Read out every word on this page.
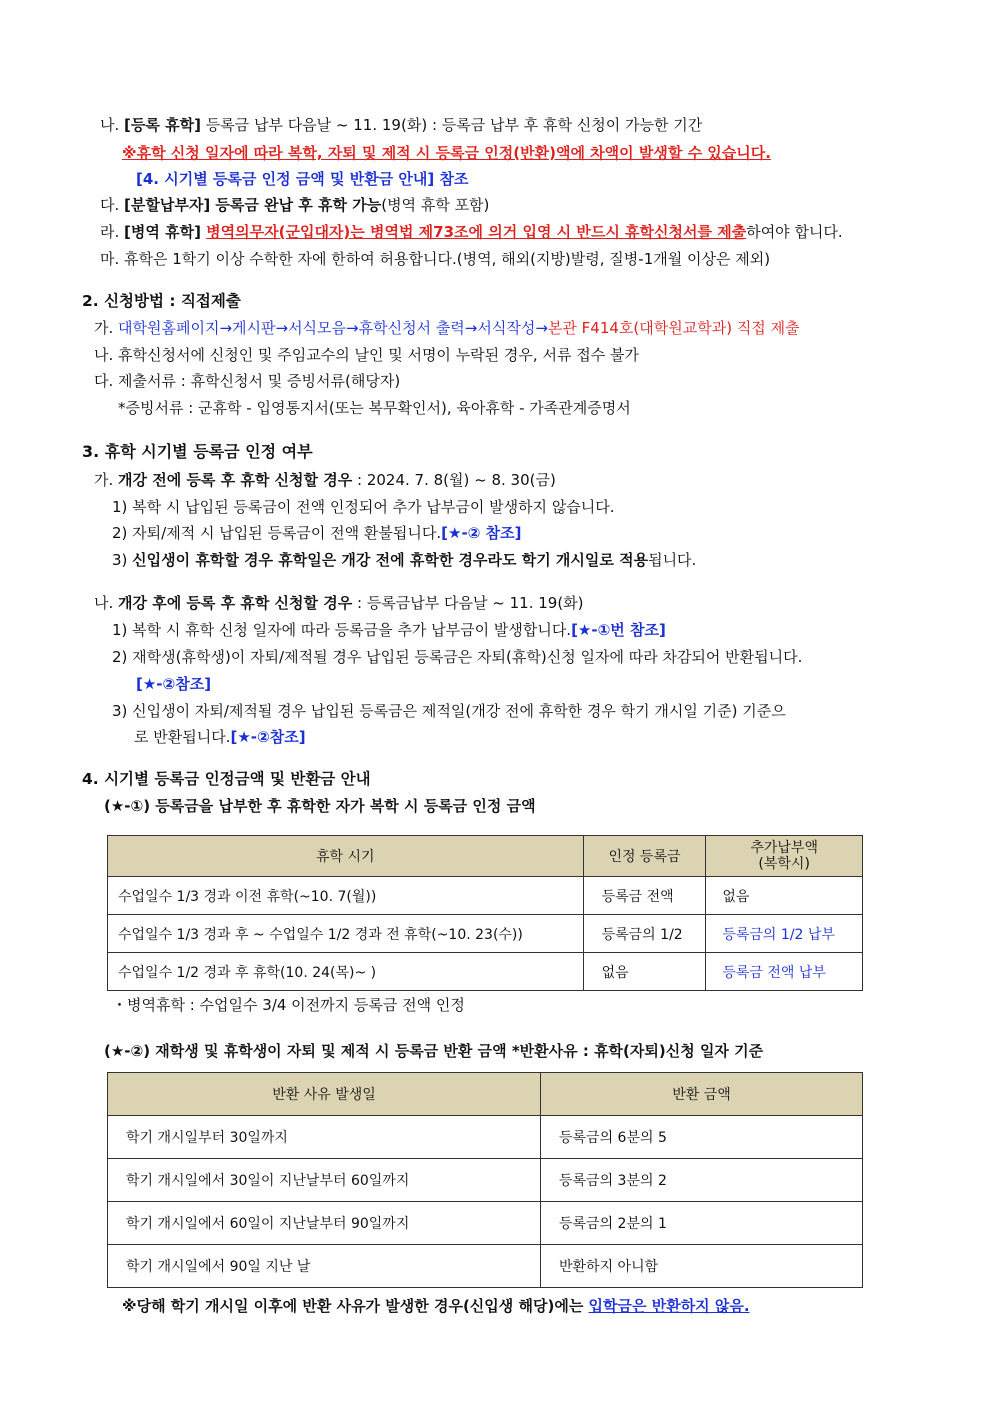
나. [등록 휴학] 등록금 납부 다음날 ~ 11. 19(화) : 등록금 납부 후 휴학 신청이 가능한 기간
※휴학 신청 일자에 따라 복학, 자퇴 및 제적 시 등록금 인정(반환)액에 차액이 발생할 수 있습니다.
[4. 시기별 등록금 인정 금액 및 반환금 안내] 참조
다. [분할납부자] 등록금 완납 후 휴학 가능(병역 휴학 포함)
라. [병역 휴학] 병역의무자(군입대자)는 병역법 제73조에 의거 입영 시 반드시 휴학신청서를 제출하여야 합니다.
마. 휴학은 1학기 이상 수학한 자에 한하여 허용합니다.(병역, 해외(지방)발령, 질병-1개월 이상은 제외)
2. 신청방법 : 직접제출
가. 대학원홈페이지→게시판→서식모음→휴학신청서 출력→서식작성→본관 F414호(대학원교학과) 직접 제출
나. 휴학신청서에 신청인 및 주임교수의 날인 및 서명이 누락된 경우, 서류 접수 불가
다. 제출서류 : 휴학신청서 및 증빙서류(해당자)
*증빙서류 : 군휴학 - 입영통지서(또는 복무확인서), 육아휴학 - 가족관계증명서
3. 휴학 시기별 등록금 인정 여부
가. 개강 전에 등록 후 휴학 신청할 경우 : 2024. 7. 8(월) ~ 8. 30(금)
1) 복학 시 납입된 등록금이 전액 인정되어 추가 납부금이 발생하지 않습니다.
2) 자퇴/제적 시 납입된 등록금이 전액 환불됩니다.[★-② 참조]
3) 신입생이 휴학할 경우 휴학일은 개강 전에 휴학한 경우라도 학기 개시일로 적용됩니다.
나. 개강 후에 등록 후 휴학 신청할 경우 : 등록금납부 다음날 ~ 11. 19(화)
1) 복학 시 휴학 신청 일자에 따라 등록금을 추가 납부금이 발생합니다.[★-①번 참조]
2) 재학생(휴학생)이 자퇴/제적될 경우 납입된 등록금은 자퇴(휴학)신청 일자에 따라 차감되어 반환됩니다.
[★-②참조]
3) 신입생이 자퇴/제적될 경우 납입된 등록금은 제적일(개강 전에 휴학한 경우 학기 개시일 기준) 기준으
로 반환됩니다.[★-②참조]
4. 시기별 등록금 인정금액 및 반환금 안내
(★-①) 등록금을 납부한 후 휴학한 자가 복학 시 등록금 인정 금액
휴학 시기	인정 등록금	추가납부액
(복학시)

수업일수 1/3 경과 이전 휴학(~10. 7(월))	등록금 전액	없음
수업일수 1/3 경과 후 ~ 수업일수 1/2 경과 전 휴학(~10. 23(수))	등록금의 1/2	등록금의 1/2 납부
수업일수 1/2 경과 후 휴학(10. 24(목)~ )	없음	등록금 전액 납부
・병역휴학 : 수업일수 3/4 이전까지 등록금 전액 인정
(★-②) 재학생 및 휴학생이 자퇴 및 제적 시 등록금 반환 금액 *반환사유 : 휴학(자퇴)신청 일자 기준
반환 사유 발생일	반환 금액
학기 개시일부터 30일까지	등록금의 6분의 5
학기 개시일에서 30일이 지난날부터 60일까지	등록금의 3분의 2
학기 개시일에서 60일이 지난날부터 90일까지	등록금의 2분의 1
학기 개시일에서 90일 지난 날	반환하지 아니함
※당해 학기 개시일 이후에 반환 사유가 발생한 경우(신입생 해당)에는 입학금은 반환하지 않음.
